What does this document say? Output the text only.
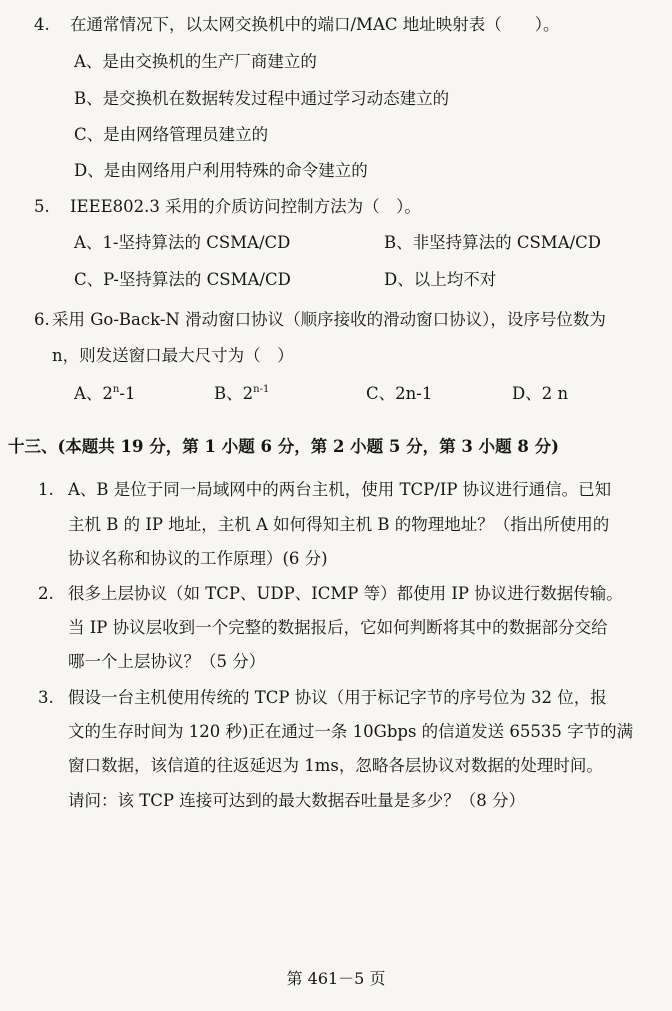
4. 在通常情况下，以太网交换机中的端口/MAC 地址映射表（　　）。
A、是由交换机的生产厂商建立的
B、是交换机在数据转发过程中通过学习动态建立的
C、是由网络管理员建立的
D、是由网络用户利用特殊的命令建立的
5. IEEE802.3 采用的介质访问控制方法为（　）。
A、1-坚持算法的 CSMA/CD	B、非坚持算法的 CSMA/CD
C、P-坚持算法的 CSMA/CD	D、以上均不对
6. 采用 Go-Back-N 滑动窗口协议（顺序接收的滑动窗口协议），设序号位数为
n，则发送窗口最大尺寸为（　）
A、2$^n$-1	B、2$^{n-1}$	C、2n-1	D、2 n
十三、(本题共 19 分，第 1 小题 6 分，第 2 小题 5 分，第 3 小题 8 分)
1. A、B 是位于同一局域网中的两台主机，使用 TCP/IP 协议进行通信。已知
主机 B 的 IP 地址，主机 A 如何得知主机 B 的物理地址？（指出所使用的
协议名称和协议的工作原理）(6 分)
2. 很多上层协议（如 TCP、UDP、ICMP 等）都使用 IP 协议进行数据传输。
当 IP 协议层收到一个完整的数据报后，它如何判断将其中的数据部分交给
哪一个上层协议？（5 分）
3. 假设一台主机使用传统的 TCP 协议（用于标记字节的序号位为 32 位，报
文的生存时间为 120 秒)正在通过一条 10Gbps 的信道发送 65535 字节的满
窗口数据，该信道的往返延迟为 1ms，忽略各层协议对数据的处理时间。
请问：该 TCP 连接可达到的最大数据吞吐量是多少？（8 分）
第 461－5 页
